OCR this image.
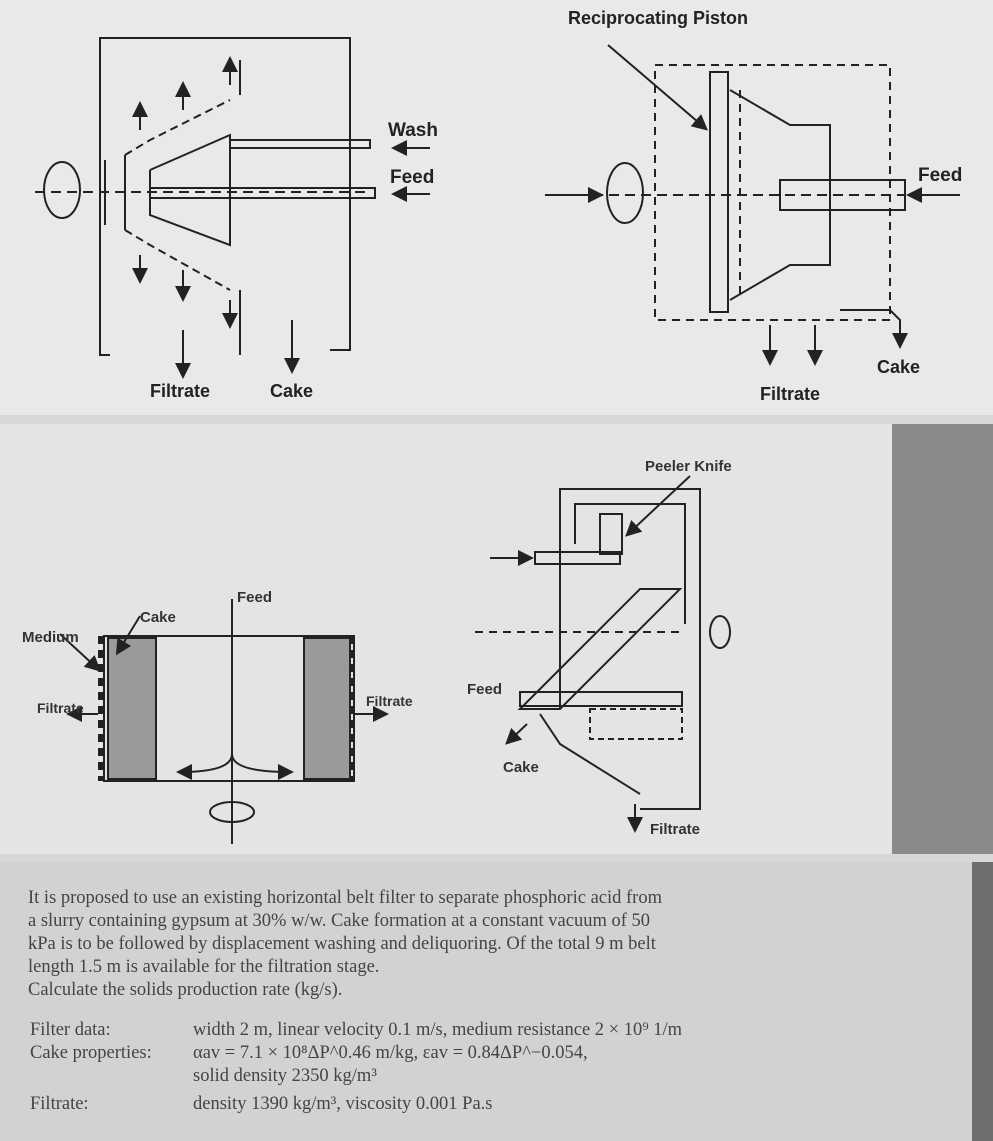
Wash
Feed
Filtrate	Cake
Reciprocating Piston
Feed
Cake
Filtrate
Medium
Cake
Feed
Filtrate	Filtrate
Peeler Knife
Feed
Cake
Filtrate
It is proposed to use an existing horizontal belt filter to separate phosphoric acid from
a slurry containing gypsum at 30% w/w. Cake formation at a constant vacuum of 50
kPa is to be followed by displacement washing and deliquoring. Of the total 9 m belt
length 1.5 m is available for the filtration stage.
Calculate the solids production rate (kg/s).
Filter data:	width 2 m, linear velocity 0.1 m/s, medium resistance 2 × 10⁹ 1/m
Cake properties: αav = 7.1 × 10⁸ΔP^0.46 m/kg, εav = 0.84ΔP^−0.054,
solid density 2350 kg/m³
Filtrate:	density 1390 kg/m³, viscosity 0.001 Pa.s
